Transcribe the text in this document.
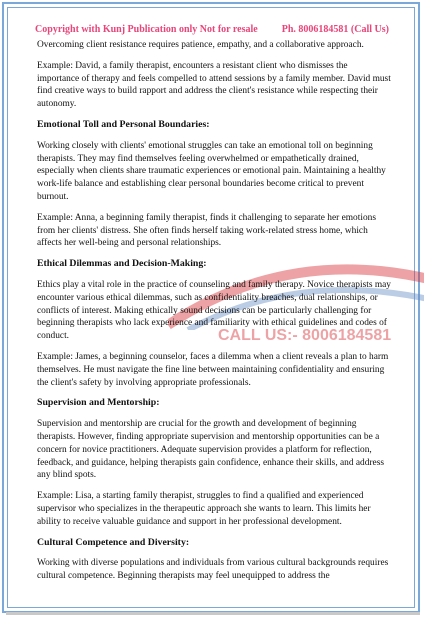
Copyright with Kunj Publication only Not for resale Ph. 8006184581 (Call Us)
CALL US:- 8006184581

Overcoming client resistance requires patience, empathy, and a collaborative approach.

Example: David, a family therapist, encounters a resistant client who dismisses the importance of therapy and feels compelled to attend sessions by a family member. David must find creative ways to build rapport and address the client's resistance while respecting their autonomy.

Emotional Toll and Personal Boundaries:

Working closely with clients' emotional struggles can take an emotional toll on beginning therapists. They may find themselves feeling overwhelmed or empathetically drained, especially when clients share traumatic experiences or emotional pain. Maintaining a healthy work-life balance and establishing clear personal boundaries become critical to prevent burnout.

Example: Anna, a beginning family therapist, finds it challenging to separate her emotions from her clients' distress. She often finds herself taking work-related stress home, which affects her well-being and personal relationships.

Ethical Dilemmas and Decision-Making:

Ethics play a vital role in the practice of counseling and family therapy. Novice therapists may encounter various ethical dilemmas, such as confidentiality breaches, dual relationships, or conflicts of interest. Making ethically sound decisions can be particularly challenging for beginning therapists who lack experience and familiarity with ethical guidelines and codes of conduct.

Example: James, a beginning counselor, faces a dilemma when a client reveals a plan to harm themselves. He must navigate the fine line between maintaining confidentiality and ensuring the client's safety by involving appropriate professionals.

Supervision and Mentorship:

Supervision and mentorship are crucial for the growth and development of beginning therapists. However, finding appropriate supervision and mentorship opportunities can be a concern for novice practitioners. Adequate supervision provides a platform for reflection, feedback, and guidance, helping therapists gain confidence, enhance their skills, and address any blind spots.

Example: Lisa, a starting family therapist, struggles to find a qualified and experienced supervisor who specializes in the therapeutic approach she wants to learn. This limits her ability to receive valuable guidance and support in her professional development.

Cultural Competence and Diversity:

Working with diverse populations and individuals from various cultural backgrounds requires cultural competence. Beginning therapists may feel unequipped to address the
